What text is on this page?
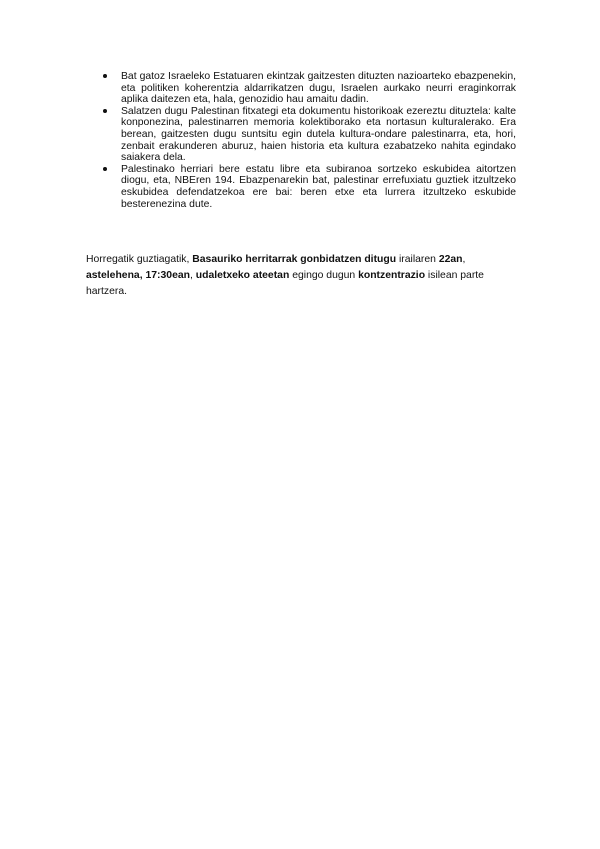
Bat gatoz Israeleko Estatuaren ekintzak gaitzesten dituzten nazioarteko ebazpenekin, eta politiken koherentzia aldarrikatzen dugu, Israelen aurkako neurri eraginkorrak aplika daitezen eta, hala, genozidio hau amaitu dadin.
Salatzen dugu Palestinan fitxategi eta dokumentu historikoak ezereztu dituztela: kalte konponezina, palestinarren memoria kolektiborako eta nortasun kulturalerako. Era berean, gaitzesten dugu suntsitu egin dutela kultura-ondare palestinarra, eta, hori, zenbait erakunderen aburuz, haien historia eta kultura ezabatzeko nahita egindako saiakera dela.
Palestinako herriari bere estatu libre eta subiranoa sortzeko eskubidea aitortzen diogu, eta, NBEren 194. Ebazpenarekin bat, palestinar errefuxiatu guztiek itzultzeko eskubidea defendatzekoa ere bai: beren etxe eta lurrera itzultzeko eskubide besterenezina dute.

Horregatik guztiagatik, Basauriko herritarrak gonbidatzen ditugu irailaren 22an, astelehena, 17:30ean, udaletxeko ateetan egingo dugun kontzentrazio isilean parte hartzera.
